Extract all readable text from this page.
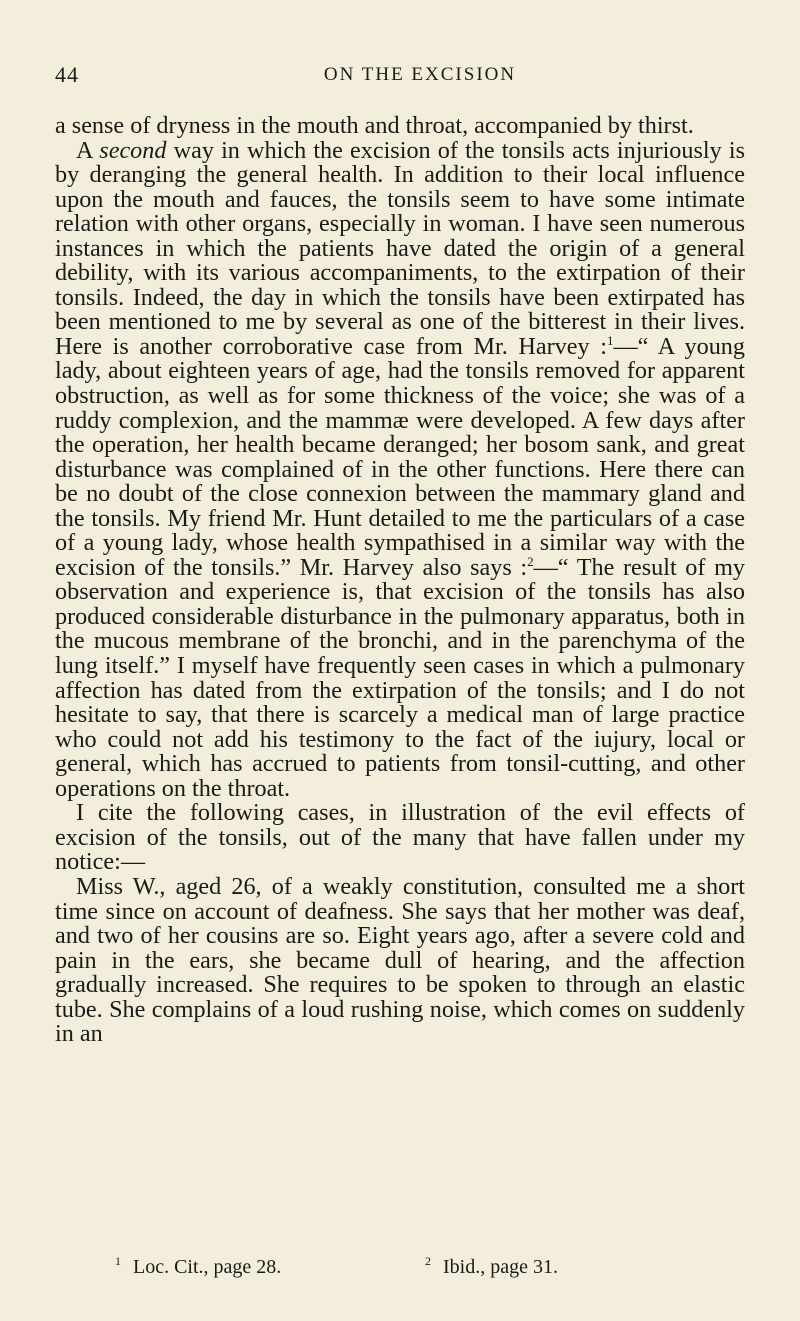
44	ON THE EXCISION

a sense of dryness in the mouth and throat, accompanied by thirst.

A second way in which the excision of the tonsils acts injuriously is by deranging the general health. In addition to their local influence upon the mouth and fauces, the tonsils seem to have some intimate relation with other organs, especially in woman. I have seen numerous instances in which the patients have dated the origin of a general debility, with its various accompaniments, to the extirpation of their tonsils. Indeed, the day in which the tonsils have been extirpated has been mentioned to me by several as one of the bitterest in their lives. Here is another corroborative case from Mr. Harvey :$^1$—“ A young lady, about eighteen years of age, had the tonsils removed for apparent obstruction, as well as for some thickness of the voice; she was of a ruddy complexion, and the mammæ were developed. A few days after the operation, her health became deranged; her bosom sank, and great disturbance was complained of in the other functions. Here there can be no doubt of the close connexion between the mammary gland and the tonsils. My friend Mr. Hunt detailed to me the particulars of a case of a young lady, whose health sympathised in a similar way with the excision of the tonsils.” Mr. Harvey also says :$^2$—“ The result of my observation and experience is, that excision of the tonsils has also produced considerable disturbance in the pulmonary apparatus, both in the mucous membrane of the bronchi, and in the parenchyma of the lung itself.” I myself have frequently seen cases in which a pulmonary affection has dated from the extirpation of the tonsils; and I do not hesitate to say, that there is scarcely a medical man of large practice who could not add his testimony to the fact of the iujury, local or general, which has accrued to patients from tonsil-cutting, and other operations on the throat.

I cite the following cases, in illustration of the evil effects of excision of the tonsils, out of the many that have fallen under my notice:—

Miss W., aged 26, of a weakly constitution, consulted me a short time since on account of deafness. She says that her mother was deaf, and two of her cousins are so. Eight years ago, after a severe cold and pain in the ears, she became dull of hearing, and the affection gradually increased. She requires to be spoken to through an elastic tube. She complains of a loud rushing noise, which comes on suddenly in an

$^1$ Loc. Cit., page 28.	$^2$ Ibid., page 31.
